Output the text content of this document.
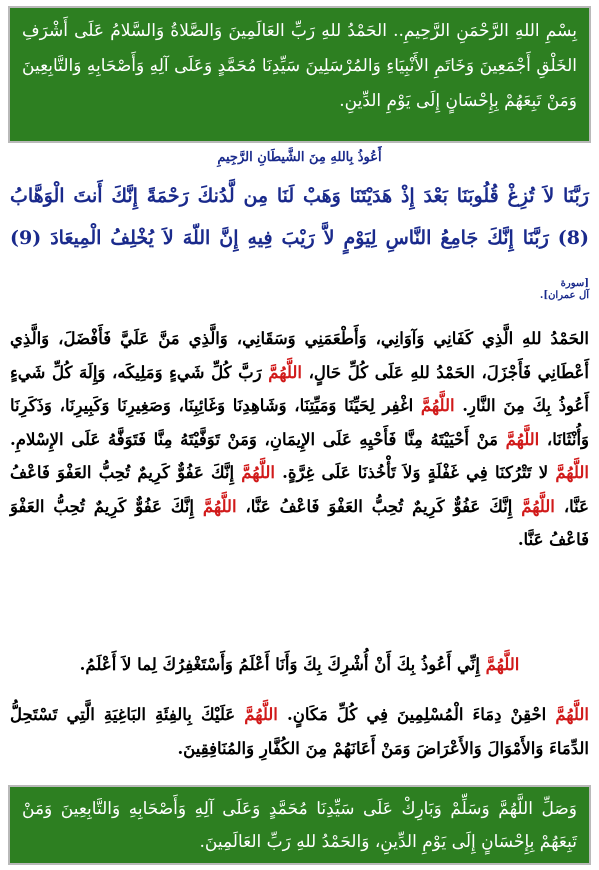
بِسْمِ اللهِ الرَّحْمَنِ الرَّحِيمِ.. الحَمْدُ للهِ رَبِّ العَالَمِينَ وَالصَّلاةُ وَالسَّلامُ عَلَى أَشْرَفِ الخَلْقِ أَجْمَعِينَ وَخَاتَمِ الأَنْبِيَاءِ وَالمُرْسَلِينَ سَيِّدِنَا مُحَمَّدٍ وَعَلَى آلِهِ وَأَصْحَابِهِ وَالتَّابِعِينَ وَمَنْ تَبِعَهُمْ بِإِحْسَانٍ إِلَى يَوْمِ الدِّينِ.
أَعُوذُ بِاللهِ مِنَ الشَّيطَانِ الرَّجِيمِ
رَبَّنَا لاَ تُزِغْ قُلُوبَنَا بَعْدَ إِذْ هَدَيْتَنَا وَهَبْ لَنَا مِن لَّدُنكَ رَحْمَةً إِنَّكَ أَنتَ الْوَهَّابُ (8) رَبَّنَا إِنَّكَ جَامِعُ النَّاسِ لِيَوْمٍ لاَّ رَيْبَ فِيهِ إِنَّ اللّهَ لاَ يُخْلِفُ الْمِيعَادَ (9) [سورة
آل عمران].
الحَمْدُ للهِ الَّذِي كَفَانِي وَآوَانِي، وَأَطْعَمَنِي وَسَقَانِي، وَالَّذِي مَنَّ عَلَيَّ فَأَفْضَلَ، وَالَّذِي أَعْطَانِي فَأَجْزَلَ، الحَمْدُ للهِ عَلَى كُلِّ حَالٍ، اللَّهُمَّ رَبَّ كُلِّ شَيءٍ وَمَلِيكَه، وَإِلَهَ كُلِّ شَيءٍ أَعُوذُ بِكَ مِنَ النَّارِ. اللَّهُمَّ اغْفِر لِحَيِّنَا وَمَيِّتِنَا، وَشَاهِدِنَا وَغَائِبِنَا، وَصَغِيرِنَا وَكَبِيرِنَا، وَذَكَرِنَا وَأُنْثَانَا، اللَّهُمَّ مَنْ أَحْيَيْتَهُ مِنَّا فَأَحْيِهِ عَلَى الإِيمَانِ، وَمَنْ تَوَفَّيْتَهُ مِنَّا فَتَوَفَّهُ عَلَى الإِسْلامِ. اللَّهُمَّ لا تَتْرُكنَا فِي غَفْلَةٍ وَلاَ تَأْخُذنَا عَلَى غِرَّةٍ. اللَّهُمَّ إِنَّكَ عَفُوٌّ كَرِيمٌ تُحِبُّ العَفْوَ فَاعْفُ عَنَّا، اللَّهُمَّ إِنَّكَ عَفُوٌّ كَرِيمٌ تُحِبُّ العَفْوَ فَاعْفُ عَنَّا، اللَّهُمَّ إِنَّكَ عَفُوٌّ كَرِيمٌ تُحِبُّ العَفْوَ فَاعْفُ عَنَّا.
اللَّهُمَّ إِنِّي أَعُوذُ بِكَ أَنْ أُشْرِكَ بِكَ وَأَنَا أَعْلَمُ وَأَسْتَغْفِرُكَ لِما لاَ أَعْلَمُ.
اللَّهُمَّ احْقِنْ دِمَاءَ الْمُسْلِمِينَ فِي كُلِّ مَكَانٍ. اللَّهُمَّ عَلَيْكَ بِالفِئَةِ البَاغِيَةِ الَّتِي تَسْتَحِلُّ الدِّمَاءَ وَالأَمْوَالَ وَالأَعْرَاضَ وَمَنْ أَعَانَهُمْ مِنَ الكُفَّارِ وَالمُنَافِقِينَ.
وَصَلِّ اللَّهُمَّ وَسَلِّمْ وَبَارِكْ عَلَى سَيِّدِنَا مُحَمَّدٍ وَعَلَى آلِهِ وَأَصْحَابِهِ وَالتَّابِعِينَ وَمَنْ تَبِعَهُمْ بِإِحْسَانٍ إِلَى يَوْمِ الدِّينِ، وَالحَمْدُ للهِ رَبِّ العَالَمِينَ.
